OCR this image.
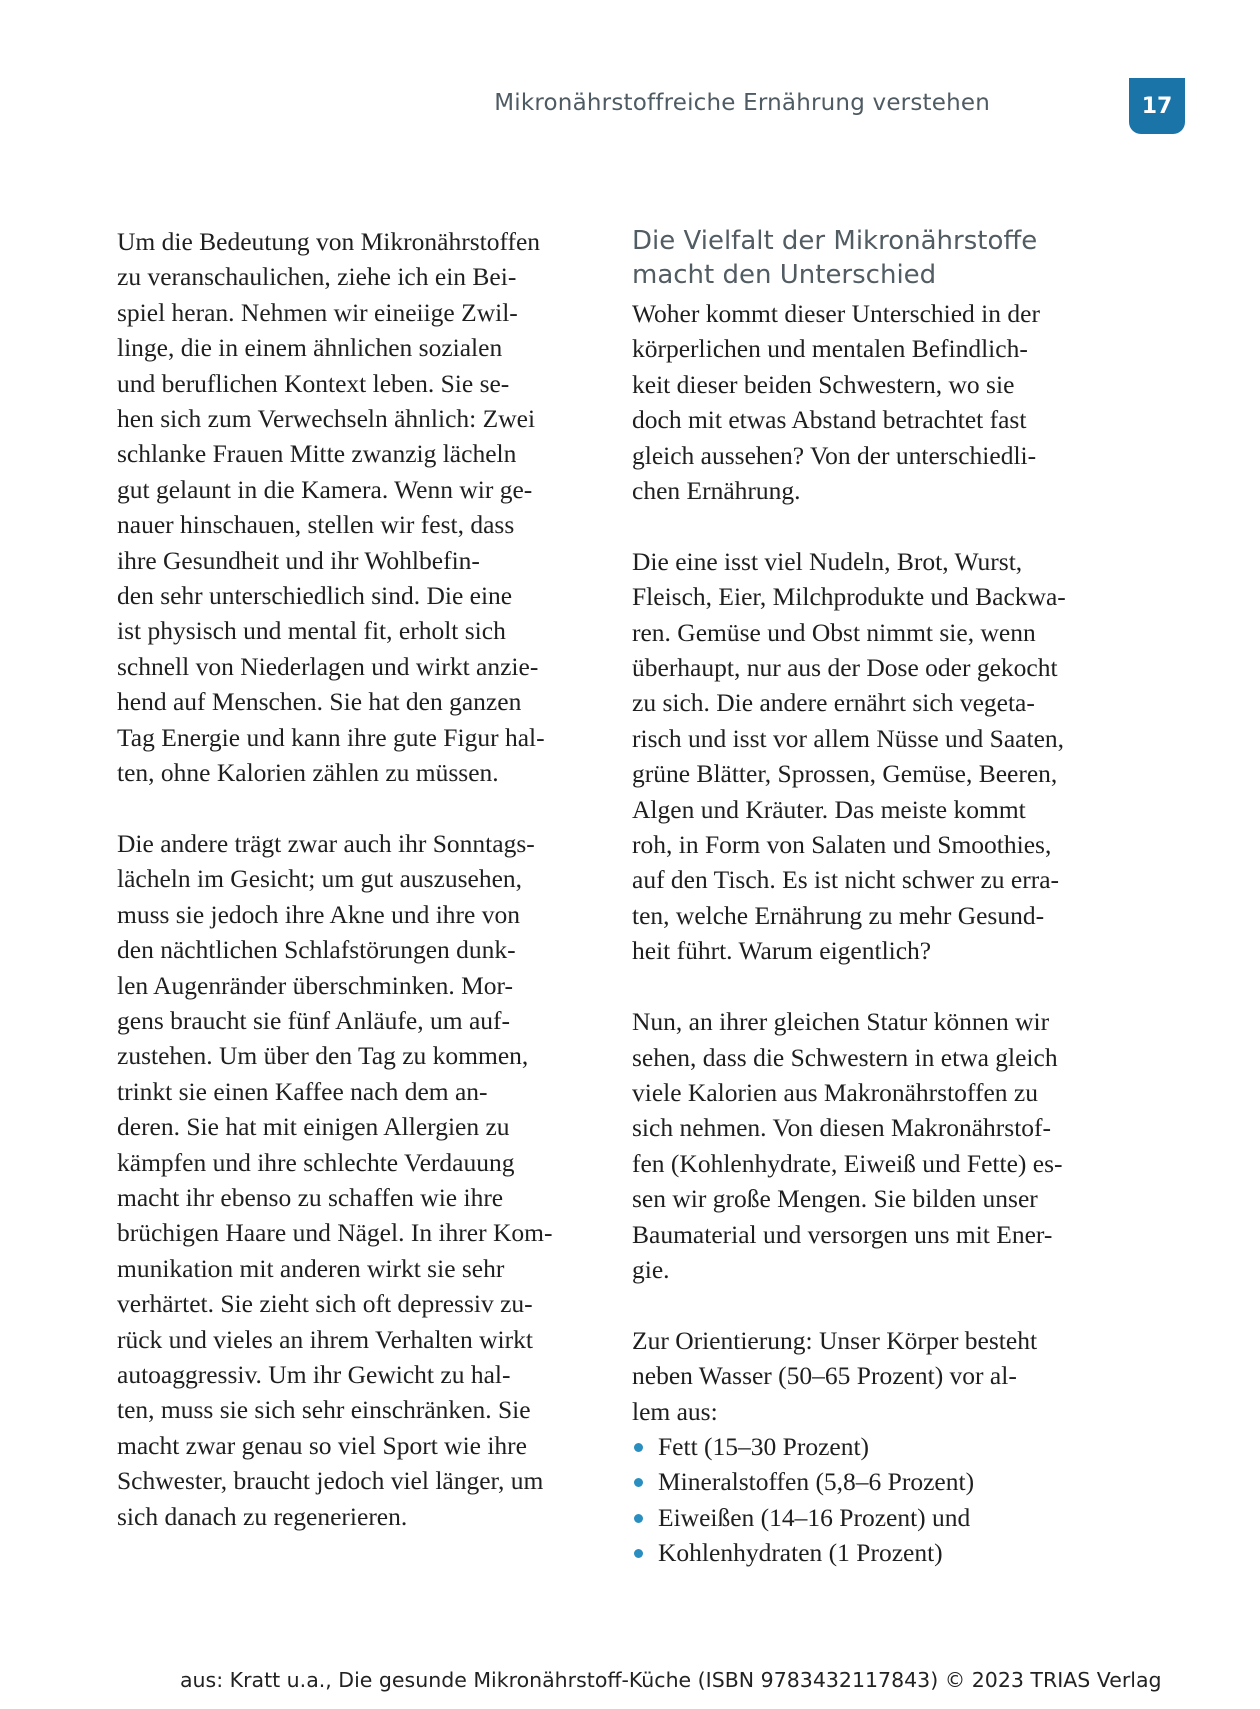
Mikronährstoffreiche Ernährung verstehen	17

Um die Bedeutung von Mikronährstoffen
zu veranschaulichen, ziehe ich ein Bei-
spiel heran. Nehmen wir eineiige Zwil-
linge, die in einem ähnlichen sozialen
und beruflichen Kontext leben. Sie se-
hen sich zum Verwechseln ähnlich: Zwei
schlanke Frauen Mitte zwanzig lächeln
gut gelaunt in die Kamera. Wenn wir ge-
nauer hinschauen, stellen wir fest, dass
ihre Gesundheit und ihr Wohlbefin-
den sehr unterschiedlich sind. Die eine
ist physisch und mental fit, erholt sich
schnell von Niederlagen und wirkt anzie-
hend auf Menschen. Sie hat den ganzen
Tag Energie und kann ihre gute Figur hal-
ten, ohne Kalorien zählen zu müssen.

Die andere trägt zwar auch ihr Sonntags-
lächeln im Gesicht; um gut auszusehen,
muss sie jedoch ihre Akne und ihre von
den nächtlichen Schlafstörungen dunk-
len Augenränder überschminken. Mor-
gens braucht sie fünf Anläufe, um auf-
zustehen. Um über den Tag zu kommen,
trinkt sie einen Kaffee nach dem an-
deren. Sie hat mit einigen Allergien zu
kämpfen und ihre schlechte Verdauung
macht ihr ebenso zu schaffen wie ihre
brüchigen Haare und Nägel. In ihrer Kom-
munikation mit anderen wirkt sie sehr
verhärtet. Sie zieht sich oft depressiv zu-
rück und vieles an ihrem Verhalten wirkt
autoaggressiv. Um ihr Gewicht zu hal-
ten, muss sie sich sehr einschränken. Sie
macht zwar genau so viel Sport wie ihre
Schwester, braucht jedoch viel länger, um
sich danach zu regenerieren.

Die Vielfalt der Mikronährstoffe
macht den Unterschied

Woher kommt dieser Unterschied in der
körperlichen und mentalen Befindlich-
keit dieser beiden Schwestern, wo sie
doch mit etwas Abstand betrachtet fast
gleich aussehen? Von der unterschiedli-
chen Ernährung.

Die eine isst viel Nudeln, Brot, Wurst,
Fleisch, Eier, Milchprodukte und Backwa-
ren. Gemüse und Obst nimmt sie, wenn
überhaupt, nur aus der Dose oder gekocht
zu sich. Die andere ernährt sich vegeta-
risch und isst vor allem Nüsse und Saaten,
grüne Blätter, Sprossen, Gemüse, Beeren,
Algen und Kräuter. Das meiste kommt
roh, in Form von Salaten und Smoothies,
auf den Tisch. Es ist nicht schwer zu erra-
ten, welche Ernährung zu mehr Gesund-
heit führt. Warum eigentlich?

Nun, an ihrer gleichen Statur können wir
sehen, dass die Schwestern in etwa gleich
viele Kalorien aus Makronährstoffen zu
sich nehmen. Von diesen Makronährstof-
fen (Kohlenhydrate, Eiweiß und Fette) es-
sen wir große Mengen. Sie bilden unser
Baumaterial und versorgen uns mit Ener-
gie.

Zur Orientierung: Unser Körper besteht
neben Wasser (50–65 Prozent) vor al-
lem aus:

Fett (15–30 Prozent)
Mineralstoffen (5,8–6 Prozent)
Eiweißen (14–16 Prozent) und
Kohlenhydraten (1 Prozent)
aus: Kratt u.a., Die gesunde Mikronährstoff-Küche (ISBN 9783432117843) © 2023 TRIAS Verlag
